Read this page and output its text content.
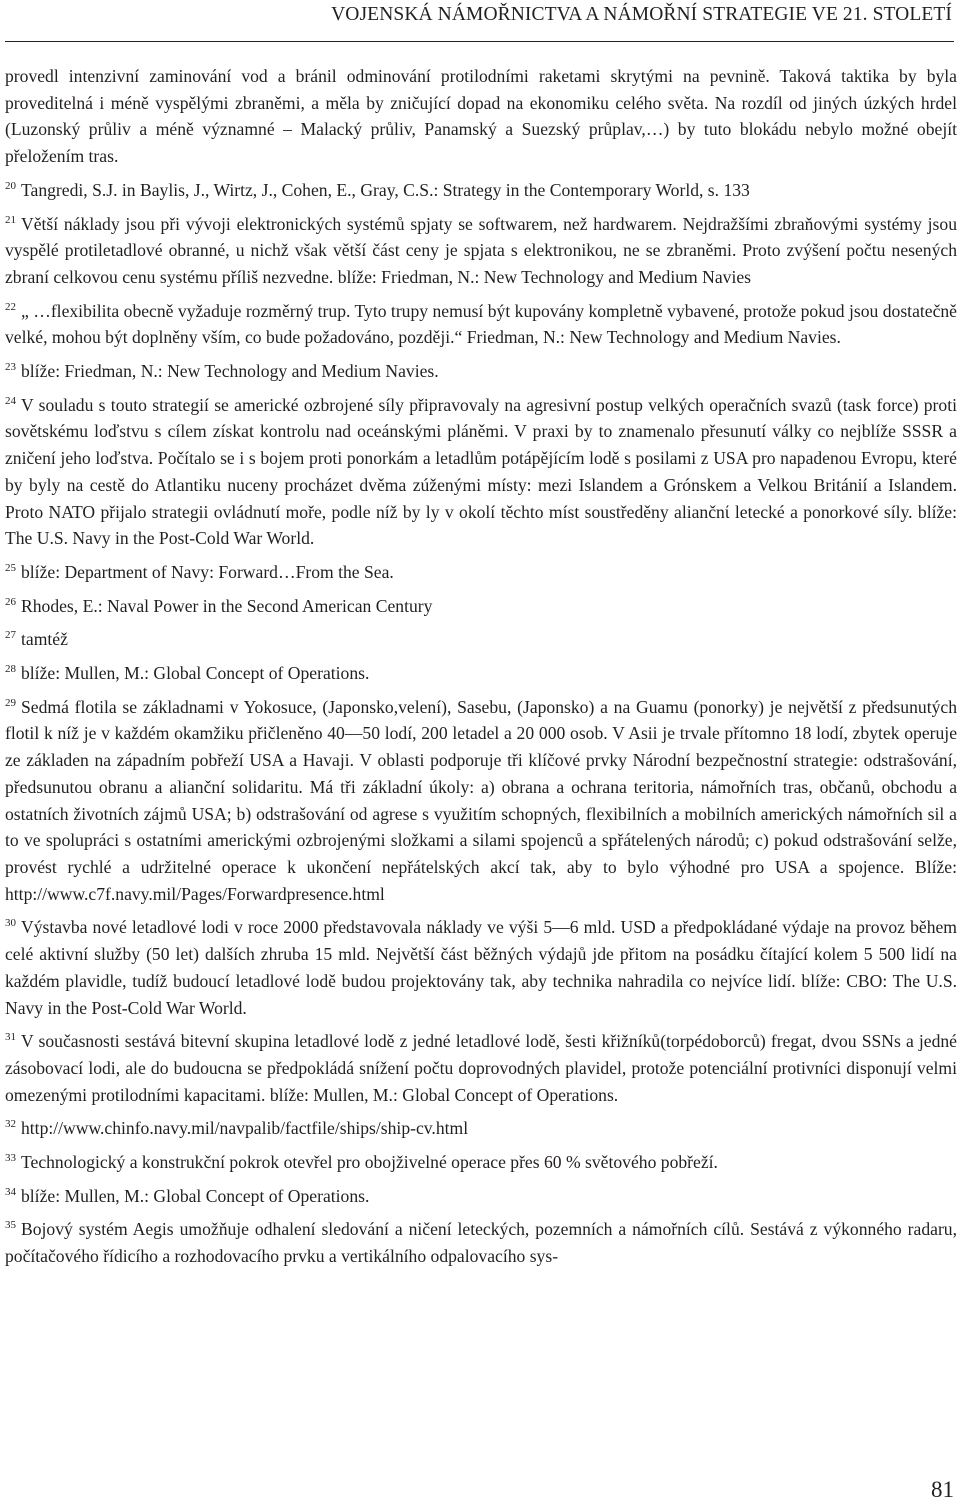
VOJENSKÁ NÁMOŘNICTVA A NÁMOŘNÍ STRATEGIE VE 21. STOLETÍ

provedl intenzivní zaminování vod a bránil odminování protilodními raketami skrytými na pevnině. Taková taktika by byla proveditelná i méně vyspělými zbraněmi, a měla by zničující dopad na ekonomiku celého světa. Na rozdíl od jiných úzkých hrdel (Luzonský průliv a méně významné – Malacký průliv, Panamský a Suezský průplav,…) by tuto blokádu nebylo možné obejít přeložením tras.

$^{20}$ Tangredi, S.J. in Baylis, J., Wirtz, J., Cohen, E., Gray, C.S.: Strategy in the Contemporary World, s. 133

$^{21}$ Větší náklady jsou při vývoji elektronických systémů spjaty se softwarem, než hardwarem. Nejdražšími zbraňovými systémy jsou vyspělé protiletadlové obranné, u nichž však větší část ceny je spjata s elektronikou, ne se zbraněmi. Proto zvýšení počtu nesených zbraní celkovou cenu systému příliš nezvedne. blíže: Friedman, N.: New Technology and Medium Navies

$^{22}$ „ …flexibilita obecně vyžaduje rozměrný trup. Tyto trupy nemusí být kupovány kompletně vybavené, protože pokud jsou dostatečně velké, mohou být doplněny vším, co bude požadováno, později.“ Friedman, N.: New Technology and Medium Navies.

$^{23}$ blíže: Friedman, N.: New Technology and Medium Navies.

$^{24}$ V souladu s touto strategií se americké ozbrojené síly připravovaly na agresivní postup velkých operačních svazů (task force) proti sovětskému loďstvu s cílem získat kontrolu nad oceánskými pláněmi. V praxi by to znamenalo přesunutí války co nejblíže SSSR a zničení jeho loďstva. Počítalo se i s bojem proti ponorkám a letadlům potápějícím lodě s posilami z USA pro napadenou Evropu, které by byly na cestě do Atlantiku nuceny procházet dvěma zúženými místy: mezi Islandem a Grónskem a Velkou Británií a Islandem. Proto NATO přijalo strategii ovládnutí moře, podle níž by ly v okolí těchto míst soustředěny aliančnί letecké a ponorkové síly. blíže: The U.S. Navy in the Post-Cold War World.

$^{25}$ blíže: Department of Navy: Forward…From the Sea.

$^{26}$ Rhodes, E.: Naval Power in the Second American Century

$^{27}$ tamtéž

$^{28}$ blíže: Mullen, M.: Global Concept of Operations.

$^{29}$ Sedmá flotila se základnami v Yokosuce, (Japonsko,velení), Sasebu, (Japonsko) a na Guamu (ponorky) je největší z předsunutých flotil k níž je v každém okamžiku přičleněno 40—50 lodí, 200 letadel a 20 000 osob. V Asii je trvale přítomno 18 lodí, zbytek operuje ze základen na západním pobřeží USA a Havaji. V oblasti podporuje tři klíčové prvky Národní bezpečnostní strategie: odstrašování, předsunutou obranu a alianční solidaritu. Má tři základní úkoly: a) obrana a ochrana teritoria, námořních tras, občanů, obchodu a ostatních životních zájmů USA; b) odstrašování od agrese s využitím schopných, flexibilních a mobilních amerických námořních sil a to ve spolupráci s ostatními americkými ozbrojenými složkami a silami spojenců a spřátelených národů; c) pokud odstrašování selže, provést rychlé a udržitelné operace k ukončení nepřátelských akcí tak, aby to bylo výhodné pro USA a spojence. Blíže: http://www.c7f.navy.mil/Pages/Forwardpresence.html

$^{30}$ Výstavba nové letadlové lodi v roce 2000 představovala náklady ve výši 5—6 mld. USD a předpokládané výdaje na provoz během celé aktivní služby (50 let) dalších zhruba 15 mld. Největší část běžných výdajů jde přitom na posádku čítající kolem 5 500 lidí na každém plavidle, tudíž budoucí letadlové lodě budou projektovány tak, aby technika nahradila co nejvíce lidí. blíže: CBO: The U.S. Navy in the Post-Cold War World.

$^{31}$ V současnosti sestává bitevní skupina letadlové lodě z jedné letadlové lodě, šesti křižníků(torpédoborců) fregat, dvou SSNs a jedné zásobovací lodi, ale do budoucna se předpokládá snížení počtu doprovodných plavidel, protože potenciální protivníci disponují velmi omezenými protilodními kapacitami. blíže: Mullen, M.: Global Concept of Operations.

$^{32}$ http://www.chinfo.navy.mil/navpalib/factfile/ships/ship-cv.html

$^{33}$ Technologický a konstrukční pokrok otevřel pro obojživelné operace přes 60 % světového pobřeží.

$^{34}$ blíže: Mullen, M.: Global Concept of Operations.

$^{35}$ Bojový systém Aegis umožňuje odhalení sledování a ničení leteckých, pozemních a námořních cílů. Sestává z výkonného radaru, počítačového řídicího a rozhodovacího prvku a vertikálního odpalovacího sys-

81
